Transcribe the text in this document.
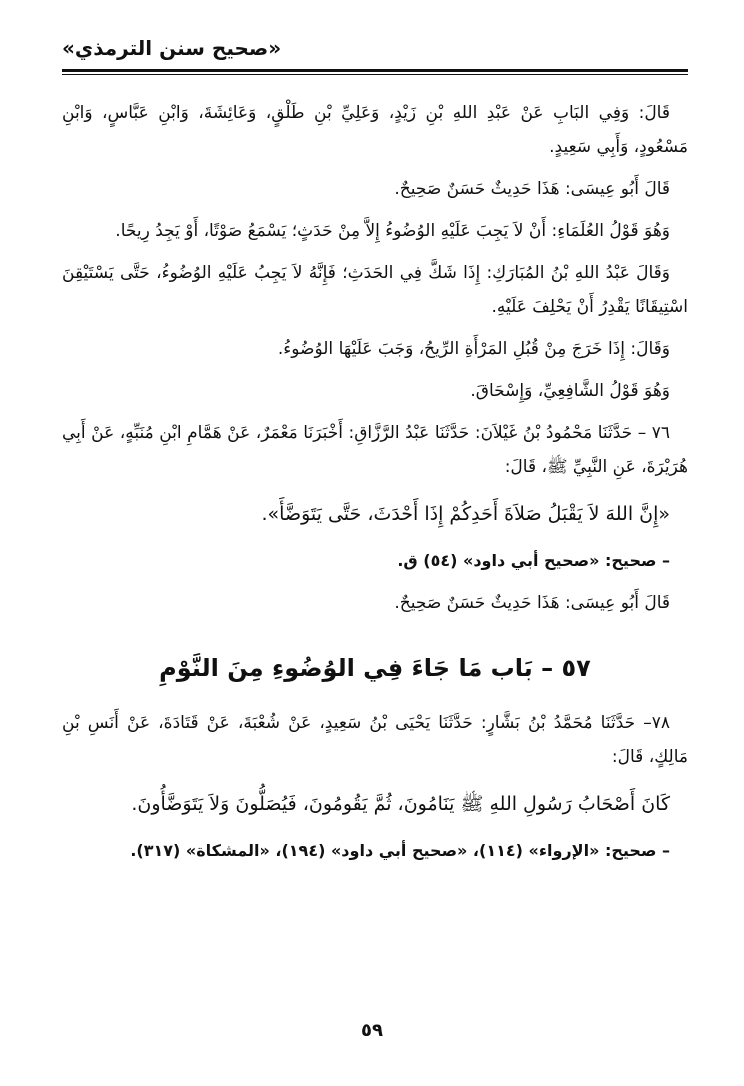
«صحيح سنن الترمذي»

قَالَ: وَفِي البَابِ عَنْ عَبْدِ اللهِ بْنِ زَيْدٍ، وَعَلِيِّ بْنِ طَلْقٍ، وَعَائِشَةَ، وَابْنِ عَبَّاسٍ، وَابْنِ مَسْعُودٍ، وَأَبِي سَعِيدٍ.

قَالَ أَبُو عِيسَى: هَذَا حَدِيثٌ حَسَنٌ صَحِيحٌ.

وَهُوَ قَوْلُ العُلَمَاءِ: أَنْ لاَ يَجِبَ عَلَيْهِ الوُضُوءُ إِلاَّ مِنْ حَدَثٍ؛ يَسْمَعُ صَوْتًا، أَوْ يَجِدُ رِيحًا.

وَقَالَ عَبْدُ اللهِ بْنُ المُبَارَكِ: إِذَا شَكَّ فِي الحَدَثِ؛ فَإِنَّهُ لاَ يَجِبُ عَلَيْهِ الوُضُوءُ، حَتَّى يَسْتَيْقِنَ اسْتِيقَانًا يَقْدِرُ أَنْ يَحْلِفَ عَلَيْهِ.

وَقَالَ: إِذَا خَرَجَ مِنْ قُبُلِ المَرْأَةِ الرِّيحُ، وَجَبَ عَلَيْهَا الوُضُوءُ.

وَهُوَ قَوْلُ الشَّافِعِيِّ، وَإِسْحَاقَ.

٧٦ – حَدَّثَنَا مَحْمُودُ بْنُ غَيْلاَنَ: حَدَّثَنَا عَبْدُ الرَّزَّاقِ: أَخْبَرَنَا مَعْمَرٌ، عَنْ هَمَّامِ ابْنِ مُنَبِّهٍ، عَنْ أَبِي هُرَيْرَةَ، عَنِ النَّبِيِّ ﷺ، قَالَ:

«إِنَّ اللهَ لاَ يَقْبَلُ صَلاَةَ أَحَدِكُمْ إِذَا أَحْدَثَ، حَتَّى يَتَوَضَّأَ».

– صحيح: «صحيح أبي داود» (٥٤) ق.

قَالَ أَبُو عِيسَى: هَذَا حَدِيثٌ حَسَنٌ صَحِيحٌ.

٥٧ – بَاب مَا جَاءَ فِي الوُضُوءِ مِنَ النَّوْمِ

٧٨– حَدَّثَنَا مُحَمَّدُ بْنُ بَشَّارٍ: حَدَّثَنَا يَحْيَى بْنُ سَعِيدٍ، عَنْ شُعْبَةَ، عَنْ قَتَادَةَ، عَنْ أَنَسِ بْنِ مَالِكٍ، قَالَ:

كَانَ أَصْحَابُ رَسُولِ اللهِ ﷺ يَنَامُونَ، ثُمَّ يَقُومُونَ، فَيُصَلُّونَ وَلاَ يَتَوَضَّأُونَ.

– صحيح: «الإرواء» (١١٤)، «صحيح أبي داود» (١٩٤)، «المشكاة» (٣١٧).

٥٩
